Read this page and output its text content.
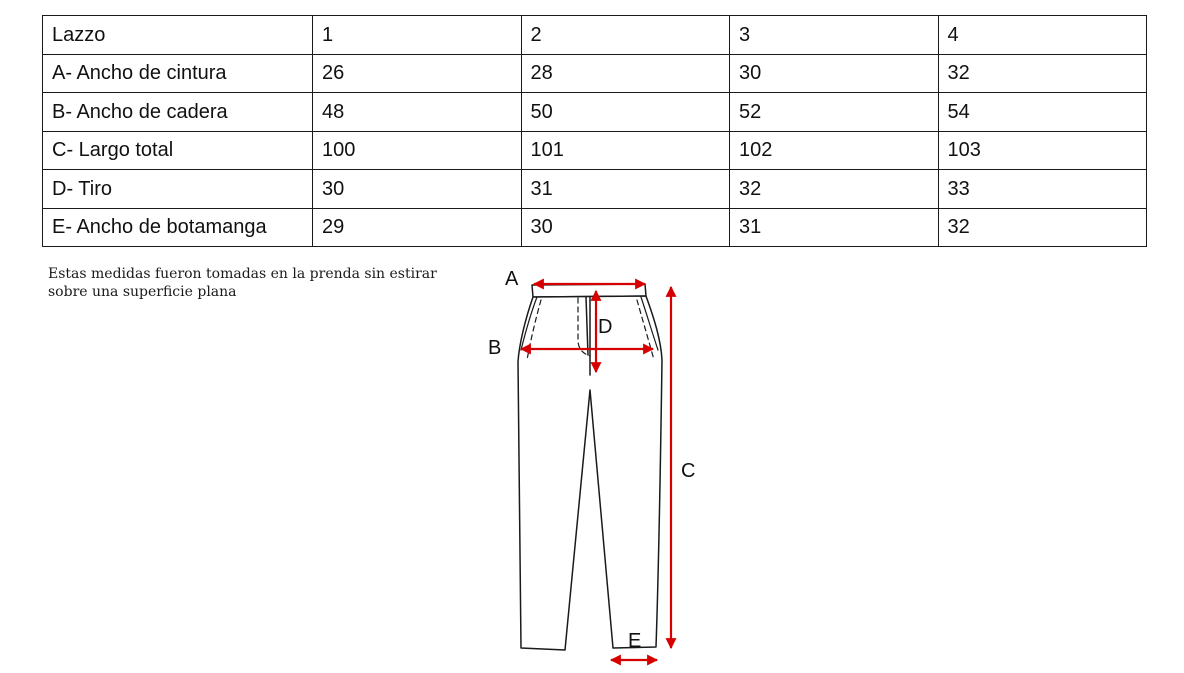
Lazzo	1	2	3	4
A- Ancho de cintura	26	28	30	32
B- Ancho de cadera	48	50	52	54
C- Largo total	100	101	102	103
D- Tiro	30	31	32	33
E- Ancho de botamanga	29	30	31	32
Estas medidas fueron tomadas en la prenda sin estirar
sobre una superficie plana
A
B
C
D
E
